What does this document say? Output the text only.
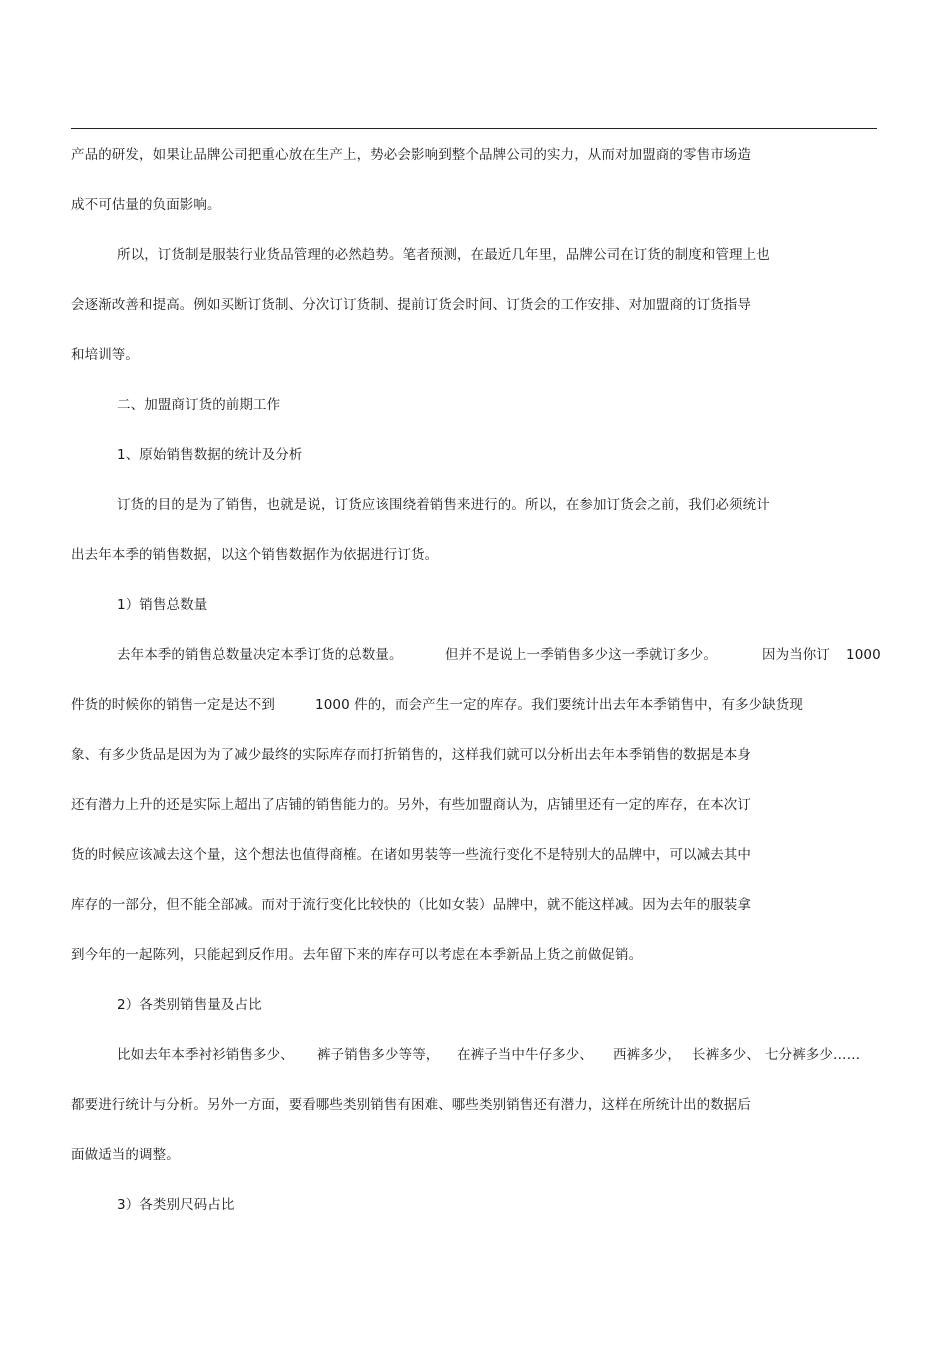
产品的研发，如果让品牌公司把重心放在生产上，势必会影响到整个品牌公司的实力，从而对加盟商的零售市场造
成不可估量的负面影响。
所以，订货制是服装行业货品管理的必然趋势。笔者预测，在最近几年里，品牌公司在订货的制度和管理上也
会逐渐改善和提高。例如买断订货制、分次订订货制、提前订货会时间、订货会的工作安排、对加盟商的订货指导
和培训等。
二、加盟商订货的前期工作
1、原始销售数据的统计及分析
订货的目的是为了销售，也就是说，订货应该围绕着销售来进行的。所以，在参加订货会之前，我们必须统计
出去年本季的销售数据，以这个销售数据作为依据进行订货。
1）销售总数量
去年本季的销售总数量决定本季订货的总数量。	但并不是说上一季销售多少这一季就订多少。	因为当你订 1000
件货的时候你的销售一定是达不到	1000 件的，而会产生一定的库存。我们要统计出去年本季销售中，有多少缺货现
象、有多少货品是因为为了减少最终的实际库存而打折销售的，这样我们就可以分析出去年本季销售的数据是本身
还有潜力上升的还是实际上超出了店铺的销售能力的。另外，有些加盟商认为，店铺里还有一定的库存，在本次订
货的时候应该减去这个量，这个想法也值得商榷。在诸如男装等一些流行变化不是特别大的品牌中，可以减去其中
库存的一部分，但不能全部减。而对于流行变化比较快的（比如女装）品牌中，就不能这样减。因为去年的服装拿
到今年的一起陈列，只能起到反作用。去年留下来的库存可以考虑在本季新品上货之前做促销。
2）各类别销售量及占比
比如去年本季衬衫销售多少、 裤子销售多少等等， 在裤子当中牛仔多少、 西裤多少， 长裤多少、 七分裤多少……
都要进行统计与分析。另外一方面，要看哪些类别销售有困难、哪些类别销售还有潜力，这样在所统计出的数据后
面做适当的调整。
3）各类别尺码占比
